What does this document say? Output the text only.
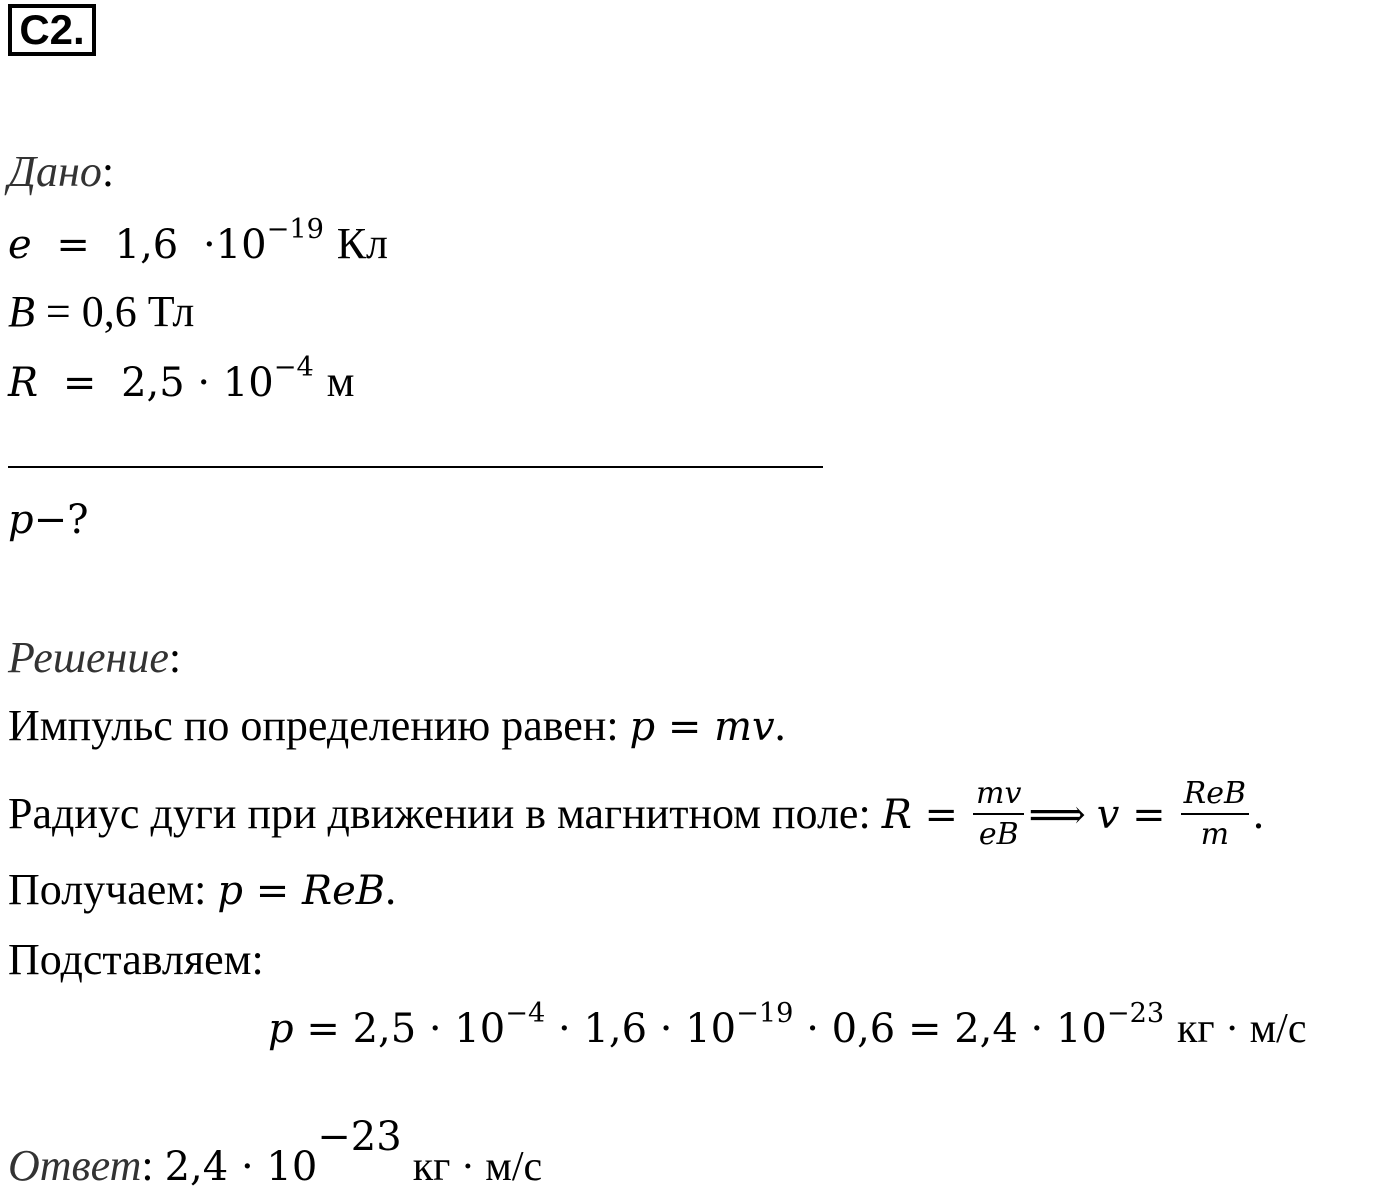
С2.
Дано:
$e = 1,6 \cdot 10^{-19}$ Кл
B = 0,6 Тл
$R = 2,5 \cdot 10^{-4}$ м
p−?
Решение:
Импульс по определению равен: p = mv.
Радиус дуги при движении в магнитном поле: $R = \frac{mv}{eB}$ ⟹ $v = \frac{\text{ReB}}{m}$ .
Получаем: p = ReB.
Подставляем:
$p = 2,5 \cdot 10^{-4} \cdot 1,6 \cdot 10^{-19} \cdot 0,6 = 2,4 \cdot 10^{-23}$ кг · м/с
Ответ: $2,4 \cdot 10^{-23}$ кг · м/с
